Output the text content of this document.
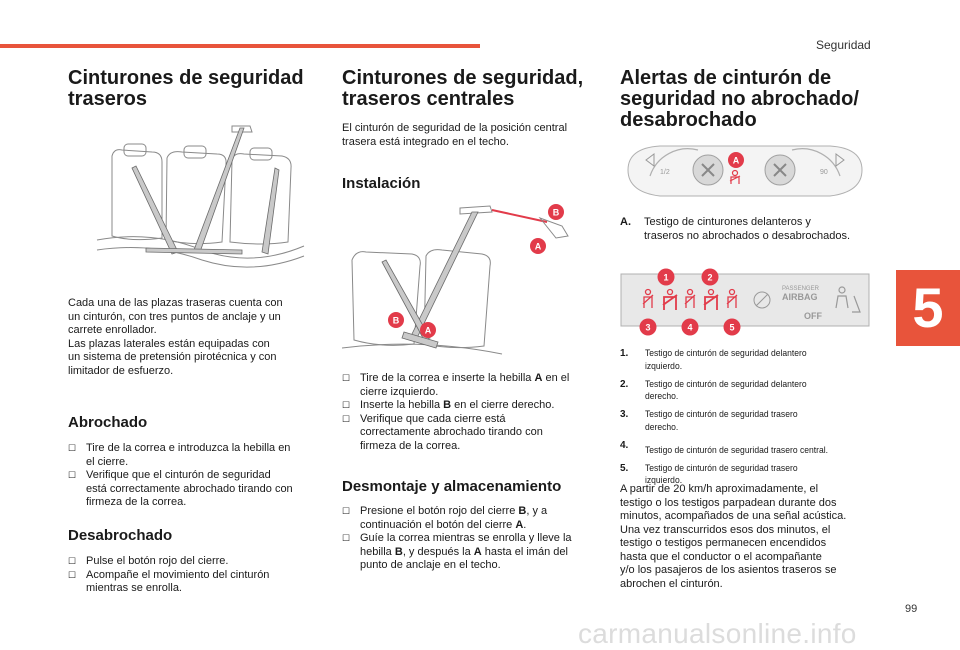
Seguridad
5
Cinturones de seguridad
traseros

Cada una de las plazas traseras cuenta con
un cinturón, con tres puntos de anclaje y un
carrete enrollador.
Las plazas laterales están equipadas con
un sistema de pretensión pirotécnica y con
limitador de esfuerzo.

Abrochado
☐ Tire de la correa e introduzca la hebilla en
el cierre.
☐ Verifique que el cinturón de seguridad
está correctamente abrochado tirando con
firmeza de la correa.
Desabrochado
☐ Pulse el botón rojo del cierre.
☐ Acompañe el movimiento del cinturón
mientras se enrolla.
Cinturones de seguridad,
traseros centrales

El cinturón de seguridad de la posición central
trasera está integrado en el techo.

Instalación
B
A
B
A
☐ Tire de la correa e inserte la hebilla A en el
cierre izquierdo.
☐ Inserte la hebilla B en el cierre derecho.
☐ Verifique que cada cierre está
correctamente abrochado tirando con
firmeza de la correa.
Desmontaje y almacenamiento
☐ Presione el botón rojo del cierre B, y a
continuación el botón del cierre A.
☐ Guíe la correa mientras se enrolla y lleve la
hebilla B, y después la A hasta el imán del
punto de anclaje en el techo.
Alertas de cinturón de
seguridad no abrochado/
desabrochado
1/2	90
A
A. Testigo de cinturones delanteros y
traseros no abrochados o desabrochados.

PASSENGER
AIRBAG
OFF
1	2
3	4	5
1. Testigo de cinturón de seguridad delantero
izquierdo.
2. Testigo de cinturón de seguridad delantero
derecho.
3. Testigo de cinturón de seguridad trasero derecho.
4. Testigo de cinturón de seguridad trasero central.
5. Testigo de cinturón de seguridad trasero
izquierdo.

A partir de 20 km/h aproximadamente, el
testigo o los testigos parpadean durante dos
minutos, acompañados de una señal acústica.
Una vez transcurridos esos dos minutos, el
testigo o testigos permanecen encendidos
hasta que el conductor o el acompañante
y/o los pasajeros de los asientos traseros se
abrochen el cinturón.

99
carmanualsonline.info
